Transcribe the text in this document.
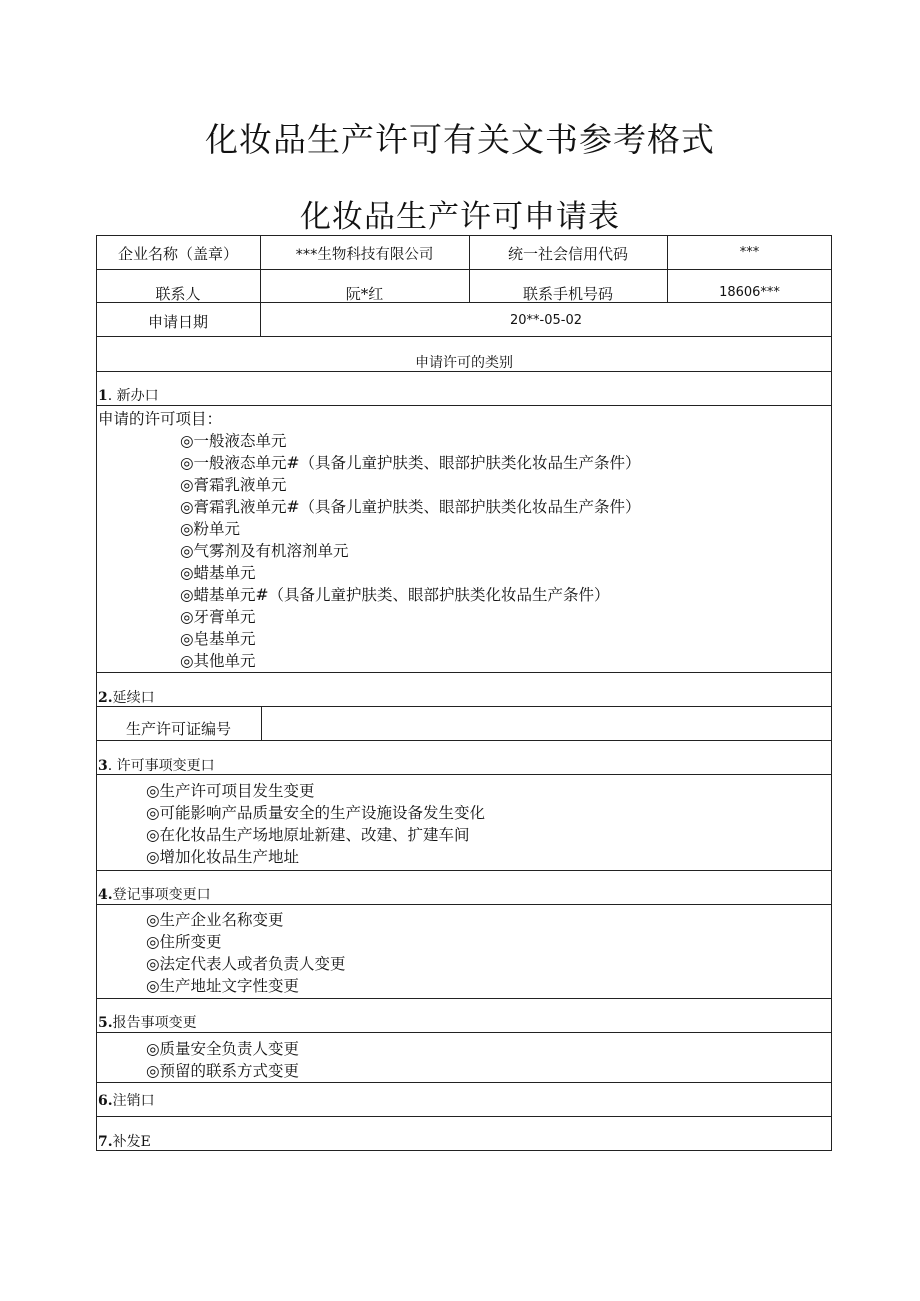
化妆品生产许可有关文书参考格式
化妆品生产许可申请表
企业名称（盖章）	***生物科技有限公司	统一社会信用代码	***
联系人	阮*红	联系手机号码	18606***
申请日期	20**-05-02
申请许可的类别
1. 新办口
申请的许可项目：
◎一般液态单元
◎一般液态单元#（具备儿童护肤类、眼部护肤类化妆品生产条件）
◎膏霜乳液单元
◎膏霜乳液单元#（具备儿童护肤类、眼部护肤类化妆品生产条件）
◎粉单元
◎气雾剂及有机溶剂单元
◎蜡基单元
◎蜡基单元#（具备儿童护肤类、眼部护肤类化妆品生产条件）
◎牙膏单元
◎皂基单元
◎其他单元
2.延续口
生产许可证编号
3. 许可事项变更口
◎生产许可项目发生变更
◎可能影响产品质量安全的生产设施设备发生变化
◎在化妆品生产场地原址新建、改建、扩建车间
◎增加化妆品生产地址
4.登记事项变更口
◎生产企业名称变更
◎住所变更
◎法定代表人或者负责人变更
◎生产地址文字性变更
5.报告事项变更
◎质量安全负责人变更
◎预留的联系方式变更
6.注销口
7.补发E
